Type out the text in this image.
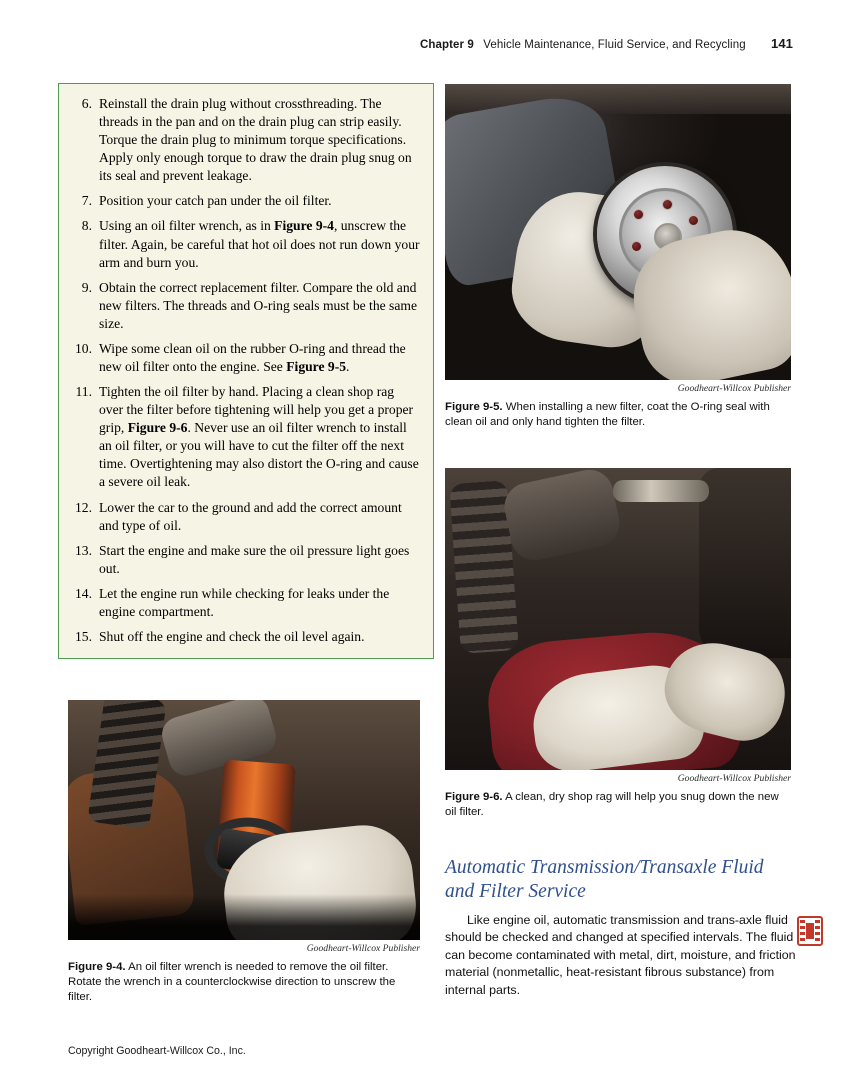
Chapter 9 Vehicle Maintenance, Fluid Service, and Recycling 141
6. Reinstall the drain plug without crossthreading. The threads in the pan and on the drain plug can strip easily. Torque the drain plug to minimum torque specifications. Apply only enough torque to draw the drain plug snug on its seal and prevent leakage.
7. Position your catch pan under the oil filter.
8. Using an oil filter wrench, as in Figure 9-4, unscrew the filter. Again, be careful that hot oil does not run down your arm and burn you.
9. Obtain the correct replacement filter. Compare the old and new filters. The threads and O-ring seals must be the same size.
10. Wipe some clean oil on the rubber O-ring and thread the new oil filter onto the engine. See Figure 9-5.
11. Tighten the oil filter by hand. Placing a clean shop rag over the filter before tightening will help you get a proper grip, Figure 9-6. Never use an oil filter wrench to install an oil filter, or you will have to cut the filter off the next time. Overtightening may also distort the O-ring and cause a severe oil leak.
12. Lower the car to the ground and add the correct amount and type of oil.
13. Start the engine and make sure the oil pressure light goes out.
14. Let the engine run while checking for leaks under the engine compartment.
15. Shut off the engine and check the oil level again.
Goodheart-Willcox Publisher
Figure 9-4. An oil filter wrench is needed to remove the oil filter. Rotate the wrench in a counterclockwise direction to unscrew the filter.
Goodheart-Willcox Publisher
Figure 9-5. When installing a new filter, coat the O-ring seal with clean oil and only hand tighten the filter.
Goodheart-Willcox Publisher
Figure 9-6. A clean, dry shop rag will help you snug down the new oil filter.
Automatic Transmission/Transaxle Fluid and Filter Service

Like engine oil, automatic transmission and trans-axle fluid should be checked and changed at specified intervals. The fluid can become contaminated with metal, dirt, moisture, and friction material (nonmetallic, heat-resistant fibrous substance) from internal parts.

Copyright Goodheart-Willcox Co., Inc.
